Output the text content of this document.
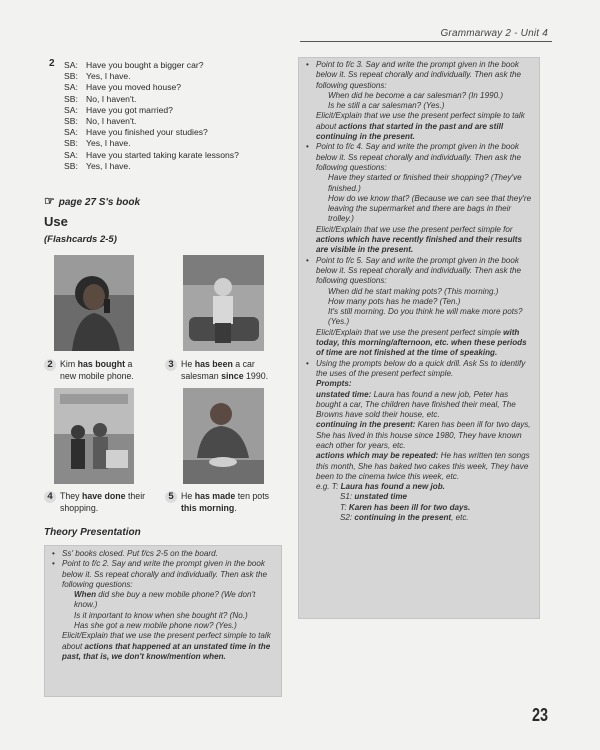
Grammarway 2 - Unit 4
2 SA: Have you bought a bigger car?
SB: Yes, I have.
SA: Have you moved house?
SB: No, I haven't.
SA: Have you got married?
SB: No, I haven't.
SA: Have you finished your studies?
SB: Yes, I have.
SA: Have you started taking karate lessons?
SB: Yes, I have.
☞ page 27 S's book
Use
(Flashcards 2-5)
2 Kim has bought a
new mobile phone.
3 He has been a car
salesman since 1990.
4 They have done their
shopping.
5 He has made ten pots
this morning.
Theory Presentation
• Ss' books closed. Put f/cs 2-5 on the board.
• Point to f/c 2. Say and write the prompt given in the book below it. Ss repeat chorally and individually. Then ask the following questions:
When did she buy a new mobile phone? (We don't know.)
Is it important to know when she bought it? (No.)
Has she got a new mobile phone now? (Yes.)
Elicit/Explain that we use the present perfect simple to talk about actions that happened at an unstated time in the past, that is, we don't know/mention when.
• Point to f/c 3. Say and write the prompt given in the book below it. Ss repeat chorally and individually. Then ask the following questions:
When did he become a car salesman? (In 1990.)
Is he still a car salesman? (Yes.)
Elicit/Explain that we use the present perfect simple to talk about actions that started in the past and are still continuing in the present.
• Point to f/c 4. Say and write the prompt given in the book below it. Ss repeat chorally and individually. Then ask the following questions:
Have they started or finished their shopping? (They've finished.)
How do we know that? (Because we can see that they're leaving the supermarket and there are bags in their trolley.)
Elicit/Explain that we use the present perfect simple for actions which have recently finished and their results are visible in the present.
• Point to f/c 5. Say and write the prompt given in the book below it. Ss repeat chorally and individually. Then ask the following questions:
When did he start making pots? (This morning.)
How many pots has he made? (Ten.)
It's still morning. Do you think he will make more pots? (Yes.)
Elicit/Explain that we use the present perfect simple with today, this morning/afternoon, etc. when these periods of time are not finished at the time of speaking.
• Using the prompts below do a quick drill. Ask Ss to identify the uses of the present perfect simple.
Prompts:
unstated time: Laura has found a new job, Peter has bought a car, The children have finished their meal, The Browns have sold their house, etc.
continuing in the present: Karen has been ill for two days, She has lived in this house since 1980, They have known each other for years, etc.
actions which may be repeated: He has written ten songs this month, She has baked two cakes this week, They have been to the cinema twice this week, etc.
e.g. T: Laura has found a new job.
S1: unstated time
T: Karen has been ill for two days.
S2: continuing in the present, etc.
23
